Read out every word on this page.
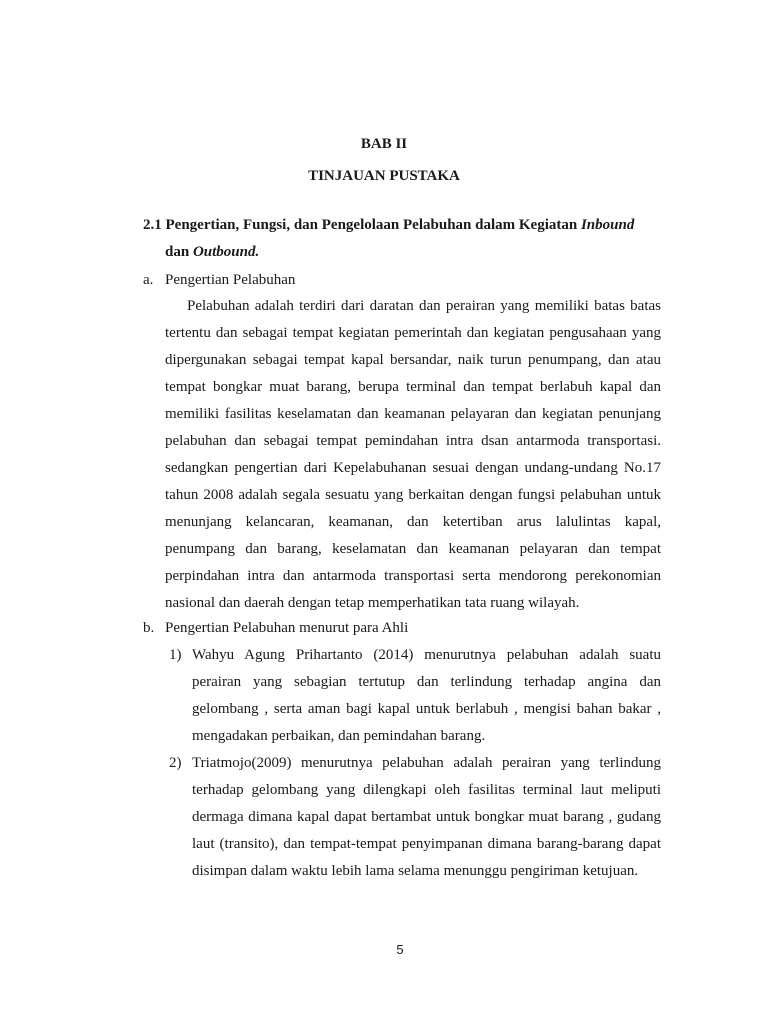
BAB II
TINJAUAN PUSTAKA
2.1 Pengertian, Fungsi, dan Pengelolaan Pelabuhan dalam Kegiatan Inbound
dan Outbound.
a. Pengertian Pelabuhan
Pelabuhan adalah terdiri dari daratan dan perairan yang memiliki batas batas
tertentu dan sebagai tempat kegiatan pemerintah dan kegiatan pengusahaan yang
dipergunakan sebagai tempat kapal bersandar, naik turun penumpang, dan atau
tempat bongkar muat barang, berupa terminal dan tempat berlabuh kapal dan
memiliki fasilitas keselamatan dan keamanan pelayaran dan kegiatan penunjang
pelabuhan dan sebagai tempat pemindahan intra dsan antarmoda transportasi.
sedangkan pengertian dari Kepelabuhanan sesuai dengan undang-undang No.17
tahun 2008 adalah segala sesuatu yang berkaitan dengan fungsi pelabuhan untuk
menunjang kelancaran, keamanan, dan ketertiban arus lalulintas kapal,
penumpang dan barang, keselamatan dan keamanan pelayaran dan tempat
perpindahan intra dan antarmoda transportasi serta mendorong perekonomian
nasional dan daerah dengan tetap memperhatikan tata ruang wilayah.
b. Pengertian Pelabuhan menurut para Ahli
1) Wahyu Agung Prihartanto (2014) menurutnya pelabuhan adalah suatu
perairan yang sebagian tertutup dan terlindung terhadap angina dan
gelombang , serta aman bagi kapal untuk berlabuh , mengisi bahan bakar ,
mengadakan perbaikan, dan pemindahan barang.
2) Triatmojo(2009) menurutnya pelabuhan adalah perairan yang terlindung
terhadap gelombang yang dilengkapi oleh fasilitas terminal laut meliputi
dermaga dimana kapal dapat bertambat untuk bongkar muat barang , gudang
laut (transito), dan tempat-tempat penyimpanan dimana barang-barang dapat
disimpan dalam waktu lebih lama selama menunggu pengiriman ketujuan.
5
